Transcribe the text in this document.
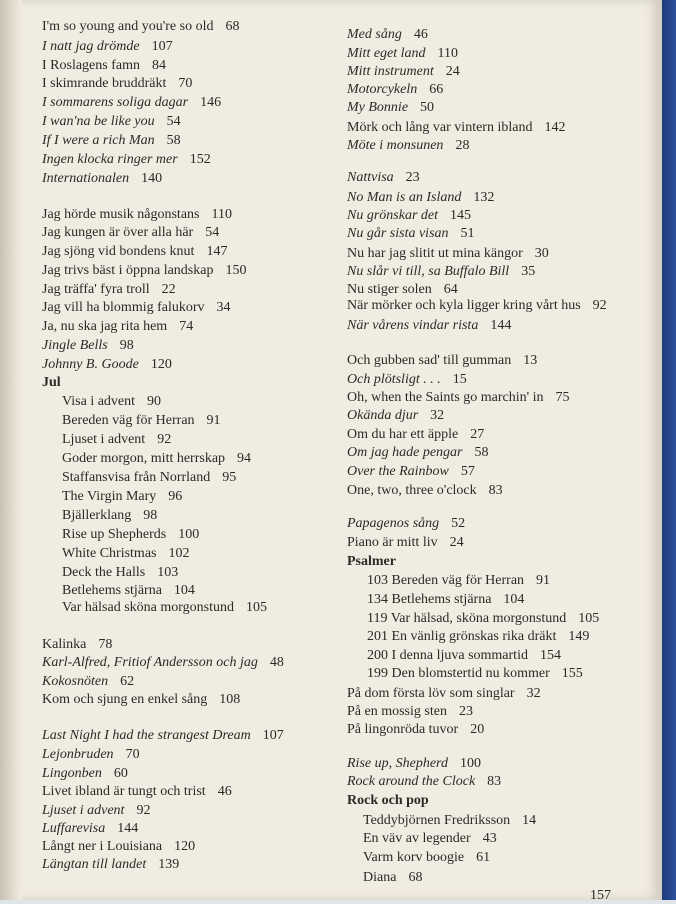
I'm so young and you're so old 68
I natt jag drömde 107
I Roslagens famn 84
I skimrande bruddräkt 70
I sommarens soliga dagar 146
I wan'na be like you 54
If I were a rich Man 58
Ingen klocka ringer mer 152
Internationalen 140
Jag hörde musik någonstans 110
Jag kungen är över alla här 54
Jag sjöng vid bondens knut 147
Jag trivs bäst i öppna landskap 150
Jag träffa' fyra troll 22
Jag vill ha blommig falukorv 34
Ja, nu ska jag rita hem 74
Jingle Bells 98
Johnny B. Goode 120
Jul
Visa i advent 90
Bereden väg för Herran 91
Ljuset i advent 92
Goder morgon, mitt herrskap 94
Staffansvisa från Norrland 95
The Virgin Mary 96
Bjällerklang 98
Rise up Shepherds 100
White Christmas 102
Deck the Halls 103
Betlehems stjärna 104
Var hälsad sköna morgonstund 105
Kalinka 78
Karl-Alfred, Fritiof Andersson och jag 48
Kokosnöten 62
Kom och sjung en enkel sång 108
Last Night I had the strangest Dream 107
Lejonbruden 70
Lingonben 60
Livet ibland är tungt och trist 46
Ljuset i advent 92
Luffarevisa 144
Långt ner i Louisiana 120
Längtan till landet 139
Med sång 46
Mitt eget land 110
Mitt instrument 24
Motorcykeln 66
My Bonnie 50
Mörk och lång var vintern ibland 142
Möte i monsunen 28
Nattvisa 23
No Man is an Island 132
Nu grönskar det 145
Nu går sista visan 51
Nu har jag slitit ut mina kängor 30
Nu slår vi till, sa Buffalo Bill 35
Nu stiger solen 64
När mörker och kyla ligger kring vårt hus 92
När vårens vindar rista 144
Och gubben sad' till gumman 13
Och plötsligt . . . 15
Oh, when the Saints go marchin' in 75
Okända djur 32
Om du har ett äpple 27
Om jag hade pengar 58
Over the Rainbow 57
One, two, three o'clock 83
Papagenos sång 52
Piano är mitt liv 24
Psalmer
103 Bereden väg för Herran 91
134 Betlehems stjärna 104
119 Var hälsad, sköna morgonstund 105
201 En vänlig grönskas rika dräkt 149
200 I denna ljuva sommartid 154
199 Den blomstertid nu kommer 155
På dom första löv som singlar 32
På en mossig sten 23
På lingonröda tuvor 20
Rise up, Shepherd 100
Rock around the Clock 83
Rock och pop
Teddybjörnen Fredriksson 14
En väv av legender 43
Varm korv boogie 61
Diana 68
157
